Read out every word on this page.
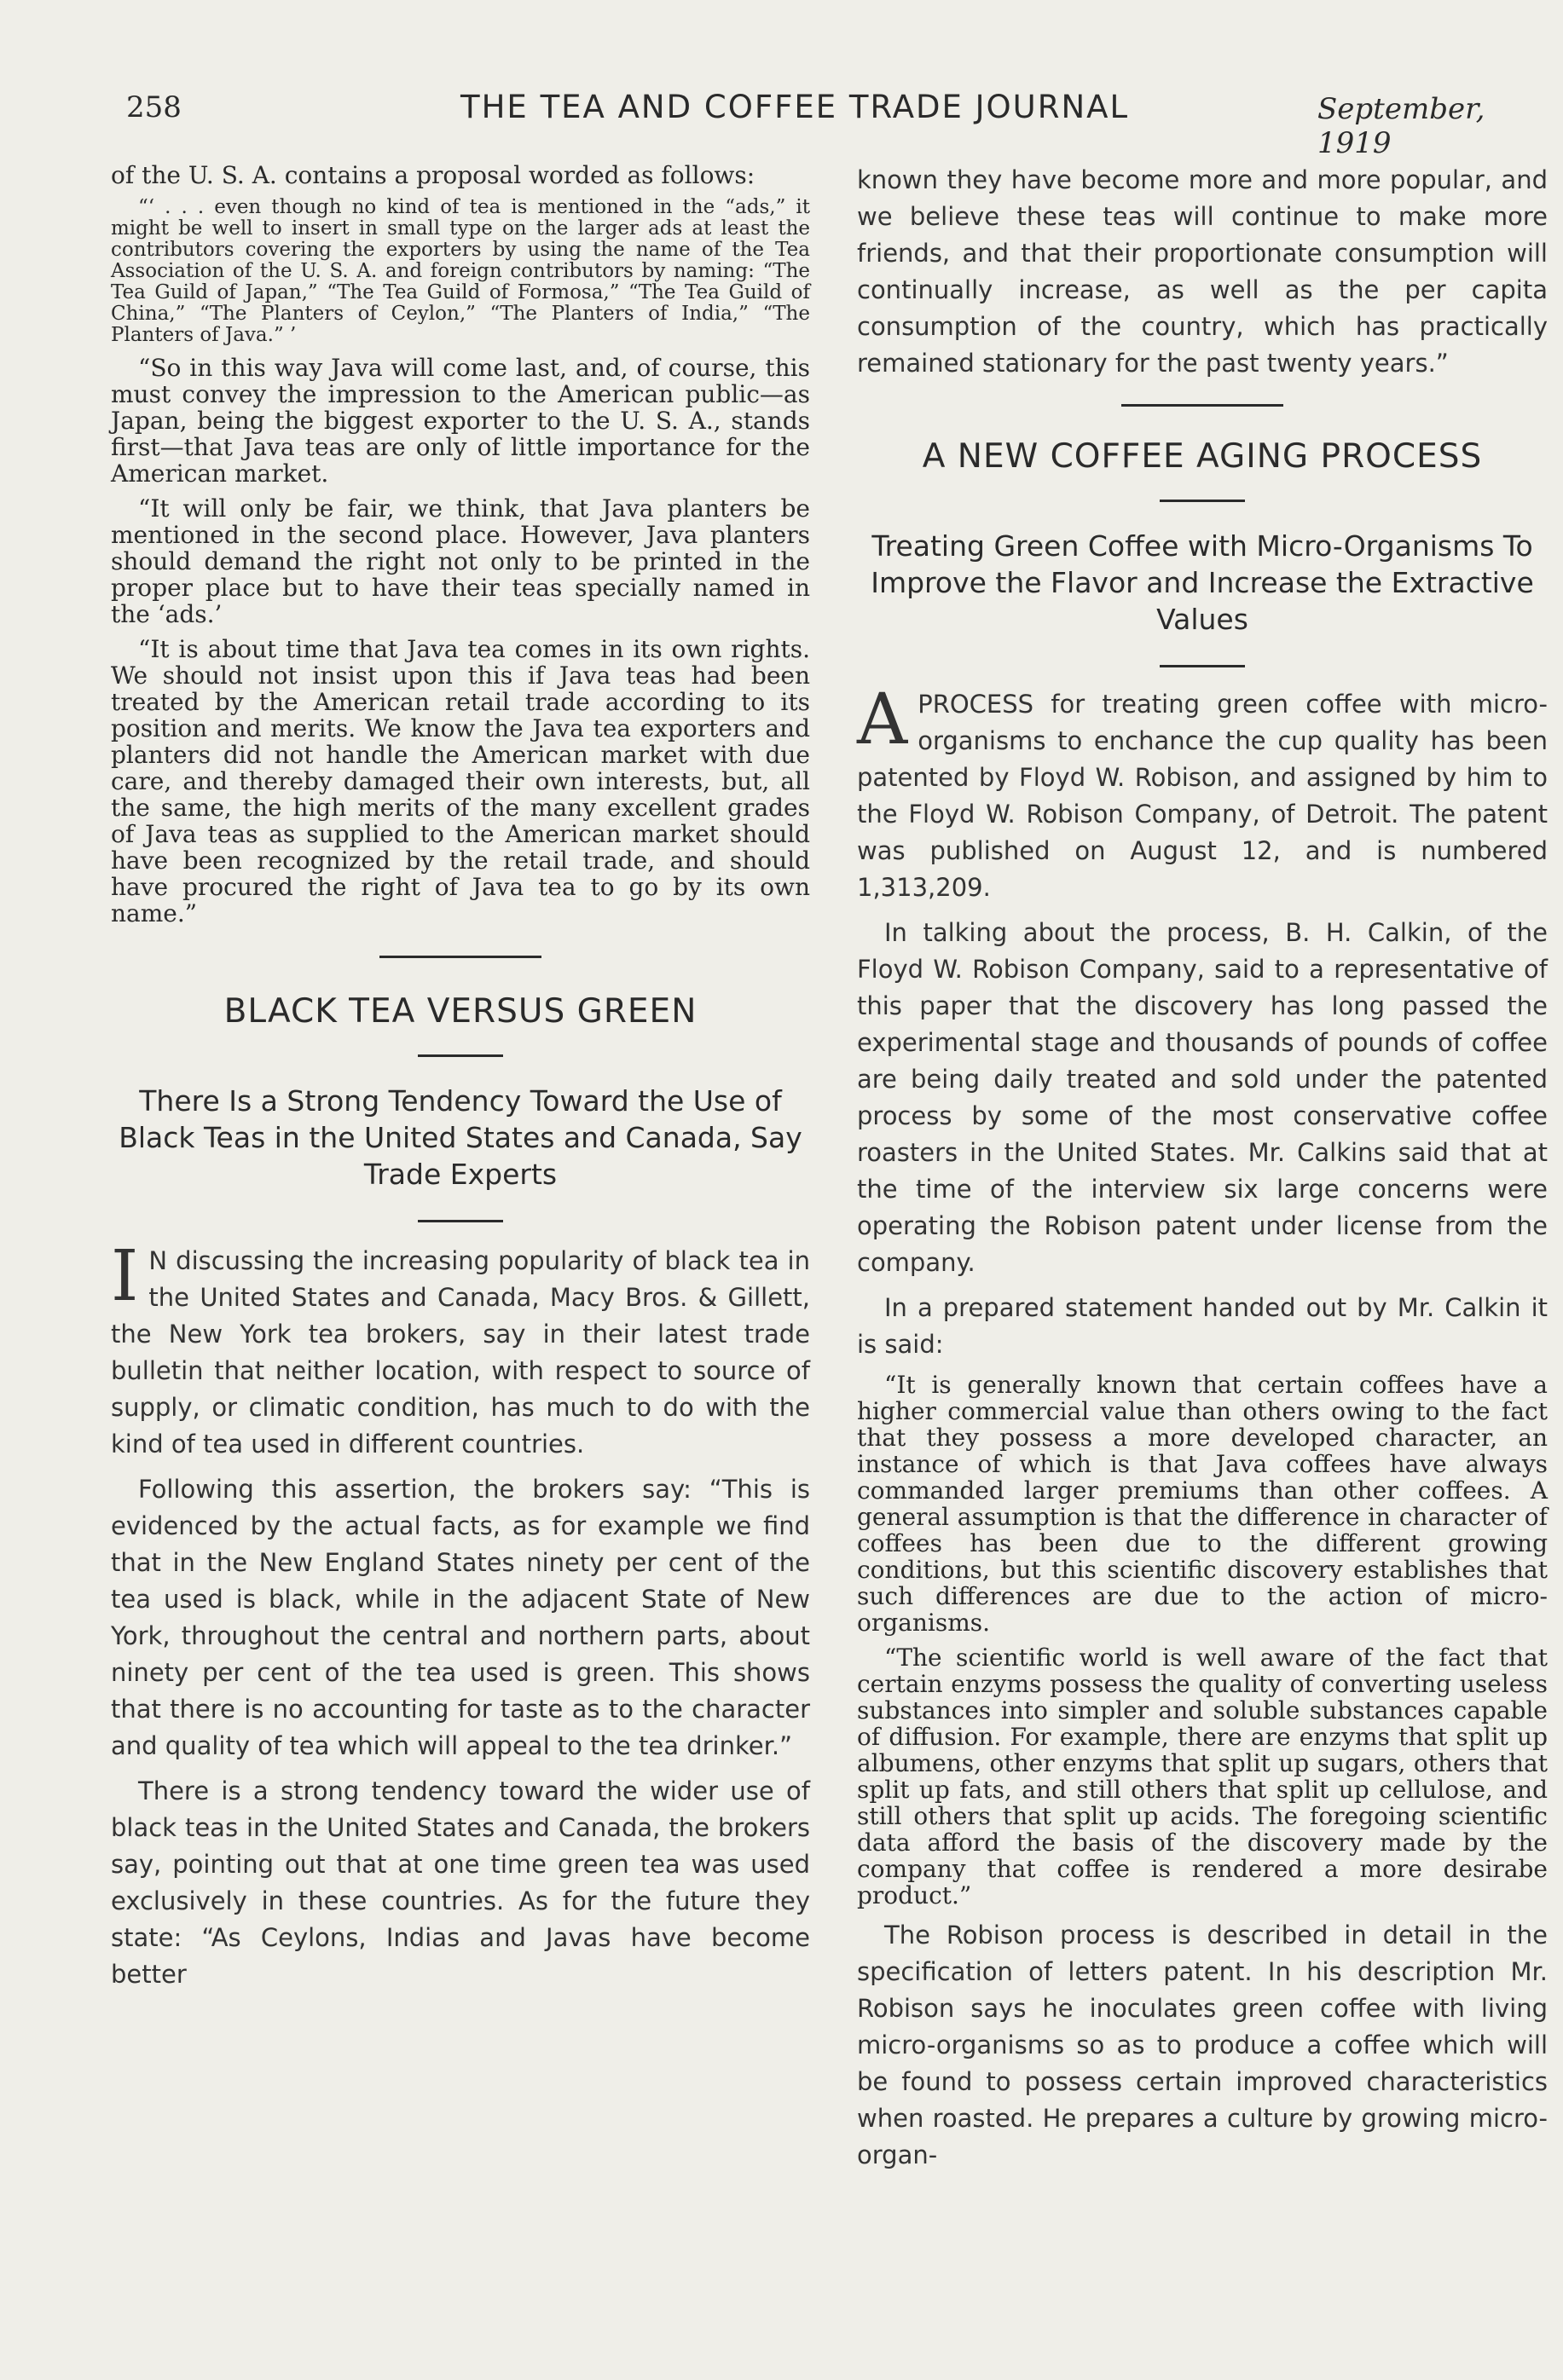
258	THE TEA AND COFFEE TRADE JOURNAL	September, 1919

of the U. S. A. contains a proposal worded as follows:

“‘ . . . even though no kind of tea is mentioned in the “ads,” it might be well to insert in small type on the larger ads at least the contributors covering the exporters by using the name of the Tea Association of the U. S. A. and foreign contributors by naming: “The Tea Guild of Japan,” “The Tea Guild of Formosa,” “The Tea Guild of China,” “The Planters of Ceylon,” “The Planters of India,” “The Planters of Java.” ’

“So in this way Java will come last, and, of course, this must convey the impression to the American public—as Japan, being the biggest exporter to the U. S. A., stands first—that Java teas are only of little importance for the American market.

“It will only be fair, we think, that Java planters be mentioned in the second place. However, Java planters should demand the right not only to be printed in the proper place but to have their teas specially named in the ‘ads.’

“It is about time that Java tea comes in its own rights. We should not insist upon this if Java teas had been treated by the American retail trade according to its position and merits. We know the Java tea exporters and planters did not handle the American market with due care, and thereby damaged their own interests, but, all the same, the high merits of the many excellent grades of Java teas as supplied to the American market should have been recognized by the retail trade, and should have procured the right of Java tea to go by its own name.”

BLACK TEA VERSUS GREEN
There Is a Strong Tendency Toward the Use of Black Teas in the United States and Canada, Say Trade Experts

I N discussing the increasing popularity of black tea in the United States and Canada, Macy Bros. & Gillett, the New York tea brokers, say in their latest trade bulletin that neither location, with respect to source of supply, or climatic condition, has much to do with the kind of tea used in different countries.

Following this assertion, the brokers say: “This is evidenced by the actual facts, as for example we find that in the New England States ninety per cent of the tea used is black, while in the adjacent State of New York, throughout the central and northern parts, about ninety per cent of the tea used is green. This shows that there is no accounting for taste as to the character and quality of tea which will appeal to the tea drinker.”

There is a strong tendency toward the wider use of black teas in the United States and Canada, the brokers say, pointing out that at one time green tea was used exclusively in these countries. As for the future they state: “As Ceylons, Indias and Javas have become better

known they have become more and more popular, and we believe these teas will continue to make more friends, and that their proportionate consumption will continually increase, as well as the per capita consumption of the country, which has practically remained stationary for the past twenty years.”

A NEW COFFEE AGING PROCESS
Treating Green Coffee with Micro-Organisms To Improve the Flavor and Increase the Extractive Values

APROCESS for treating green coffee with micro-organisms to enchance the cup quality has been patented by Floyd W. Robison, and assigned by him to the Floyd W. Robison Company, of Detroit. The patent was published on August 12, and is numbered 1,313,209.

In talking about the process, B. H. Calkin, of the Floyd W. Robison Company, said to a representative of this paper that the discovery has long passed the experimental stage and thousands of pounds of coffee are being daily treated and sold under the patented process by some of the most conservative coffee roasters in the United States. Mr. Calkins said that at the time of the interview six large concerns were operating the Robison patent under license from the company.

In a prepared statement handed out by Mr. Calkin it is said:

“It is generally known that certain coffees have a higher commercial value than others owing to the fact that they possess a more developed character, an instance of which is that Java coffees have always commanded larger premiums than other coffees. A general assumption is that the difference in character of coffees has been due to the different growing conditions, but this scientific discovery establishes that such differences are due to the action of micro-organisms.

“The scientific world is well aware of the fact that certain enzyms possess the quality of converting useless substances into simpler and soluble substances capable of diffusion. For example, there are enzyms that split up albumens, other enzyms that split up sugars, others that split up fats, and still others that split up cellulose, and still others that split up acids. The foregoing scientific data afford the basis of the discovery made by the company that coffee is rendered a more desirabe product.”

The Robison process is described in detail in the specification of letters patent. In his description Mr. Robison says he inoculates green coffee with living micro-organisms so as to produce a coffee which will be found to possess certain improved characteristics when roasted. He prepares a culture by growing micro-organ-
